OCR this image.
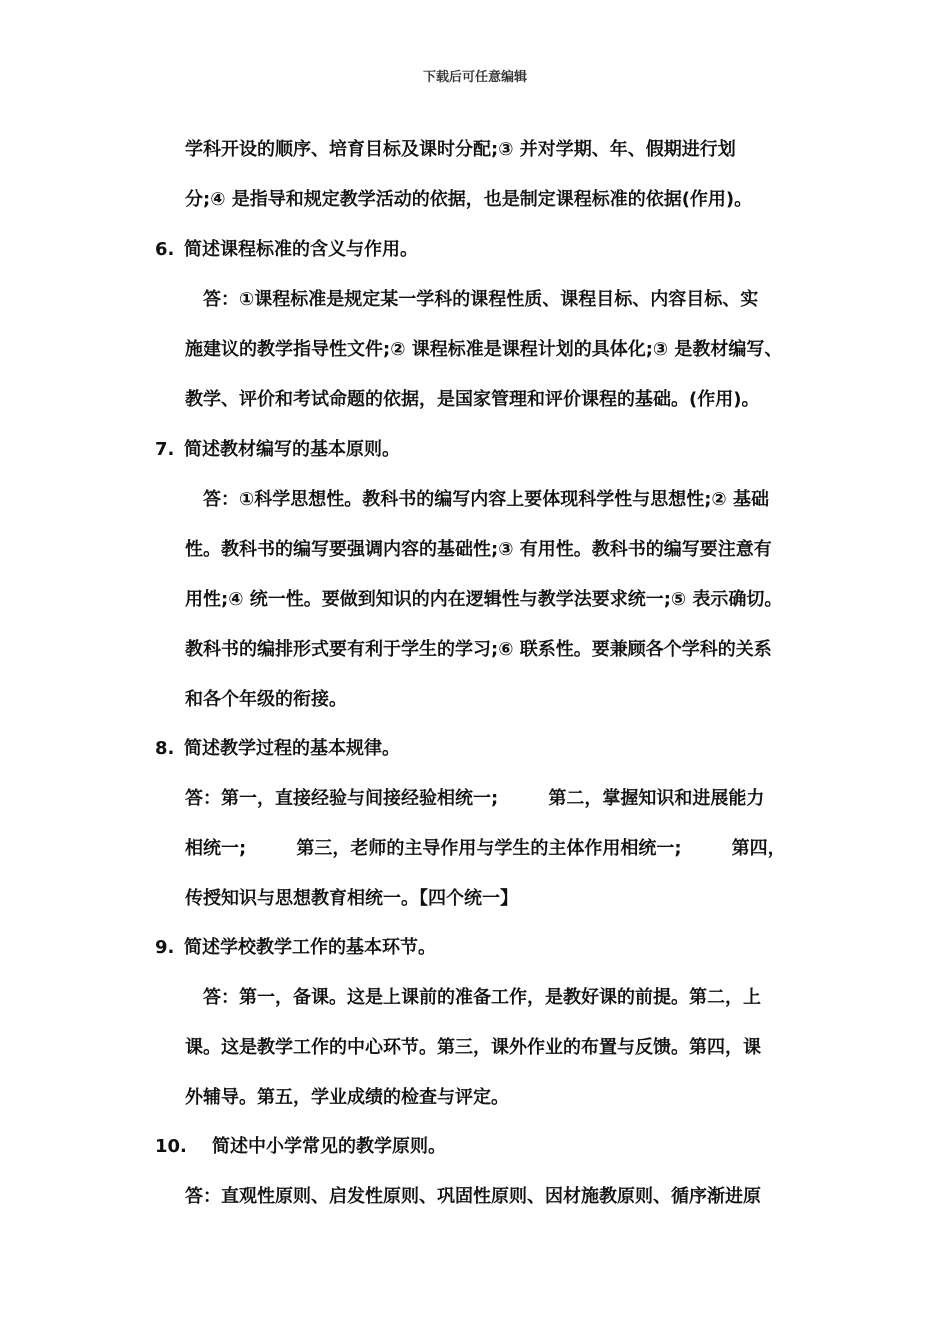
下载后可任意编辑
学科开设的顺序、培育目标及课时分配;③ 并对学期、年、假期进行划
分;④ 是指导和规定教学活动的依据，也是制定课程标准的依据(作用)。
6. 简述课程标准的含义与作用。
答：①课程标准是规定某一学科的课程性质、课程目标、内容目标、实
施建议的教学指导性文件;② 课程标准是课程计划的具体化;③ 是教材编写、
教学、评价和考试命题的依据，是国家管理和评价课程的基础。(作用)。
7. 简述教材编写的基本原则。
答：①科学思想性。教科书的编写内容上要体现科学性与思想性;② 基础
性。教科书的编写要强调内容的基础性;③ 有用性。教科书的编写要注意有
用性;④ 统一性。要做到知识的内在逻辑性与教学法要求统一;⑤ 表示确切。
教科书的编排形式要有利于学生的学习;⑥ 联系性。要兼顾各个学科的关系
和各个年级的衔接。
8. 简述教学过程的基本规律。
答：第一，直接经验与间接经验相统一;        第二，掌握知识和进展能力
相统一;        第三，老师的主导作用与学生的主体作用相统一;        第四，
传授知识与思想教育相统一。【四个统一】
9. 简述学校教学工作的基本环节。
答：第一，备课。这是上课前的准备工作，是教好课的前提。第二，上
课。这是教学工作的中心环节。第三，课外作业的布置与反馈。第四，课
外辅导。第五，学业成绩的检查与评定。
10. 简述中小学常见的教学原则。
答：直观性原则、启发性原则、巩固性原则、因材施教原则、循序渐进原
